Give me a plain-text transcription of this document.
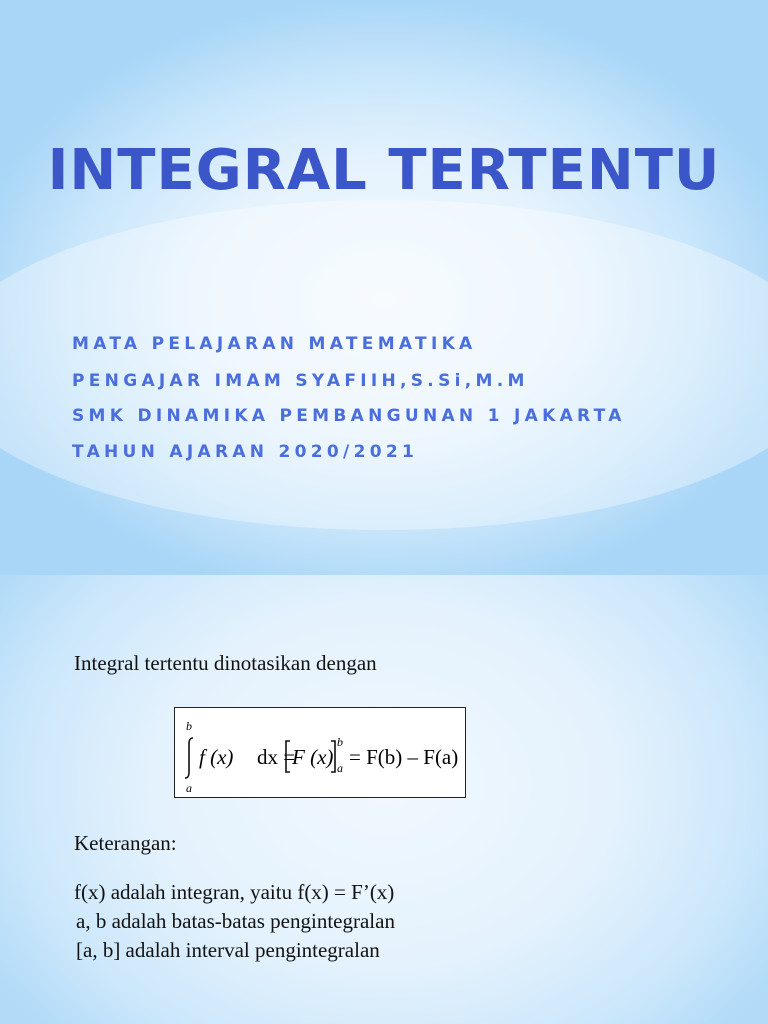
INTEGRAL TERTENTU

MATA PELAJARAN MATEMATIKA

PENGAJAR IMAM SYAFIIH,S.Si,M.M

SMK DINAMIKA PEMBANGUNAN 1 JAKARTA

TAHUN AJARAN 2020/2021

Integral tertentu dinotasikan dengan

b
a
f (x) dx =
F (x)
b
a = F(b) – F(a)

Keterangan:

f(x) adalah integran, yaitu f(x) = F’(x)

a, b adalah batas-batas pengintegralan

[a, b] adalah interval pengintegralan
